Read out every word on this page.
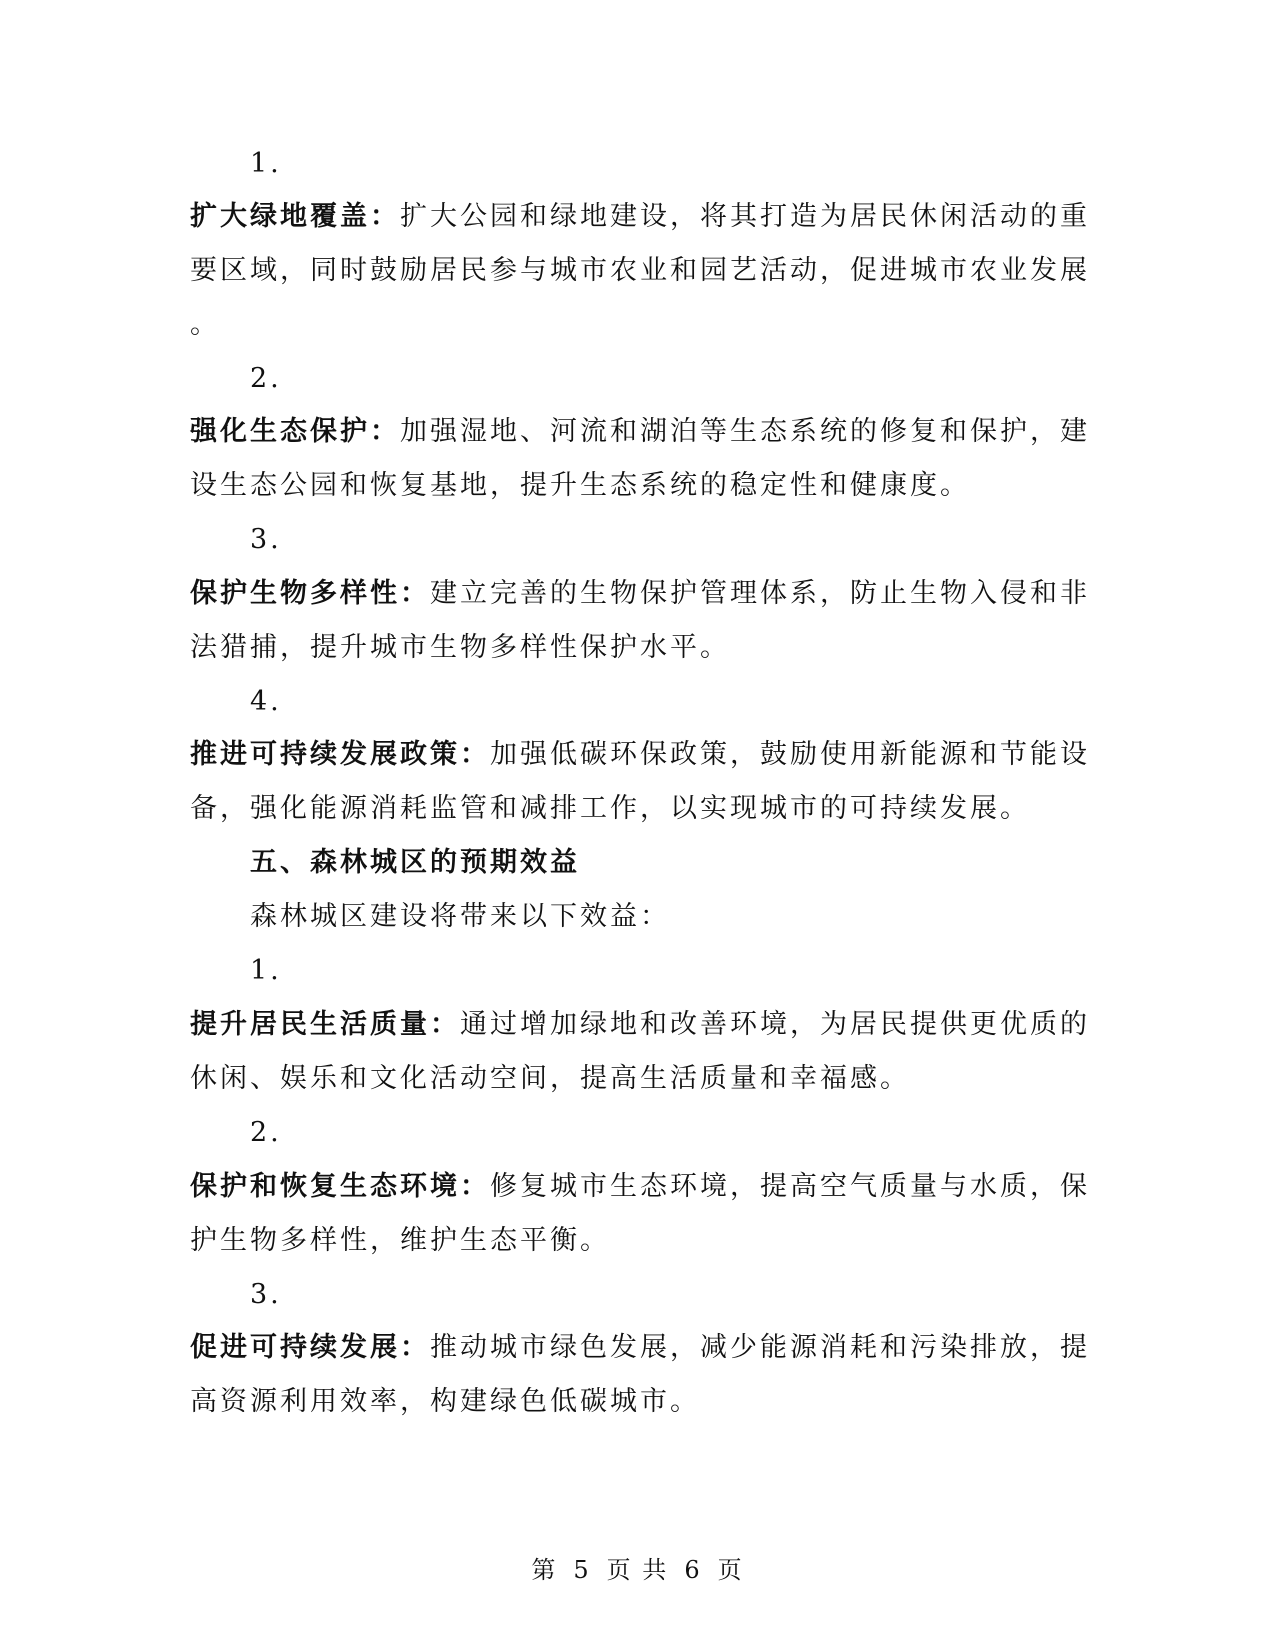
1.
扩大绿地覆盖：扩大公园和绿地建设，将其打造为居民休闲活动的重
要区域，同时鼓励居民参与城市农业和园艺活动，促进城市农业发展
。
2.
强化生态保护：加强湿地、河流和湖泊等生态系统的修复和保护，建
设生态公园和恢复基地，提升生态系统的稳定性和健康度。
3.
保护生物多样性：建立完善的生物保护管理体系，防止生物入侵和非
法猎捕，提升城市生物多样性保护水平。
4.
推进可持续发展政策：加强低碳环保政策，鼓励使用新能源和节能设
备，强化能源消耗监管和减排工作，以实现城市的可持续发展。
五、森林城区的预期效益
森林城区建设将带来以下效益：
1.
提升居民生活质量：通过增加绿地和改善环境，为居民提供更优质的
休闲、娱乐和文化活动空间，提高生活质量和幸福感。
2.
保护和恢复生态环境：修复城市生态环境，提高空气质量与水质，保
护生物多样性，维护生态平衡。
3.
促进可持续发展：推动城市绿色发展，减少能源消耗和污染排放，提
高资源利用效率，构建绿色低碳城市。
第 5 页 共 6 页
